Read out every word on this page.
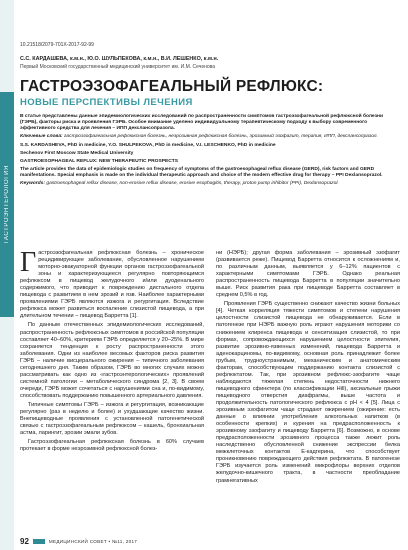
ГАСТРОЭНТЕРОЛОГИЯ
10.21518/2079-701X-2017-92-99
С.С. КАРДАШЕВА, к.м.н., Ю.О. ШУЛЬПЕКОВА, к.м.н., В.И. ЛЕШЕНКО, к.м.н.
Первый Московский государственный медицинский университет им. И.М. Сеченова
ГАСТРОЭЗОФАГЕАЛЬНЫЙ РЕФЛЮКС:
НОВЫЕ ПЕРСПЕКТИВЫ ЛЕЧЕНИЯ

В статье представлены данные эпидемиологических исследований по распространенности симптомов гастроэзофагеальной рефлюксной болезни (ГЭРБ), факторы риска и проявления ГЭРБ. Особое внимание уделено индивидуальному терапевтическому подходу к выбору современного эффективного средства для лечения – ИПП декслансопразола.

Ключевые слова: гастроэзофагеальная рефлюксная болезнь, неэрозивная рефлюксная болезнь, эрозивный эзофагит, терапия, ИПП, декслансопразол.

S.S. KARDASHEVA, PhD in medicine, Y.O. SHULPEKOVA, PhD in medicine, V.I. LESCHENKO, PhD in medicine

Sechenov First Moscow State Medical University

GASTROESOPHAGEAL REFLUX: NEW THERAPEUTIC PROSPECTS

The article provides the data of epidemiologic studies on frequency of symptoms of the gastroesophageal reflux disease (GERD), risk factors and GERD manifestations. Special emphasis is made on the individual therapeutic approach and choice of the modern effective drug for therapy – PPI Dexlansoprazol.

Keywords: gastroesophageal reflux disease, non-erosive reflux disease, erosive esophagitis, therapy, proton pump inhibitor (PPI), Dexlansoprazol.

Гастроэзофагеальная рефлюксная болезнь – хроническое рецидивирующее заболевание, обусловленное нарушением моторно-эвакуаторной функции органов гастроэзофагеальной зоны и характеризующееся регулярно повторяющимся рефлюксом в пищевод желудочного и/или дуоденального содержимого, что приводит к повреждению дистального отдела пищевода с развитием в нем эрозий и язв. Наиболее характерными проявлениями ГЭРБ являются изжога и регургитация. Вследствие рефлюкса может развиться воспаление слизистой пищевода, а при длительном течении – пищевод Барретта [1].

По данным отечественных эпидемиологических исследований, распространенность рефлюксных симптомов в российской популяции составляет 40–60%, критериям ГЭРБ определяется у 20–25%. В мире сохраняется тенденция к росту распространенности этого заболевания. Одни из наиболее весомых факторов риска развития ГЭРБ – наличие висцерального ожирения – типичного заболевания сегодняшнего дня. Таким образом, ГЭРБ во многих случаях можно рассматривать как одно из «гастроэнтерологических» проявлений системной патологии – метаболического синдрома [2, 3]. В своем очереди, ГЭРБ может сочетаться с нарушениями сна и, по-видимому, способствовать поддержанию повышенного артериального давления.

Типичные симптомы ГЭРБ – изжога и регургитация, возникающие регулярно (раз в неделю и более) и ухудшающие качество жизни. Внепищеводные проявления с установленной патогенетической связью с гастроэзофагеальным рефлюксом – кашель, бронхиальная астма, ларингит, эрозии эмали зубов.

Гастроэзофагеальная рефлюксная болезнь в 60% случаев протекает в форме неэрозивной рефлюксной болез-

ни (НЭРБ); другая форма заболевания – эрозивный эзофагит (развивается реже). Пищевод Барретта относится к осложнениям и, по различным данным, выявляется у 6–12% пациентов с характерными симптомами ГЭРБ. Однако реальная распространенность пищевода Барретта в популяции значительно выше. Риск развития рака при пищеводе Барретта составляет в среднем 0,5% в год.

Проявления ГЭРБ существенно снижают качество жизни больных [4]. Четкая корреляция тяжести симптомов и степени нарушения целостности слизистой пищевода не обнаруживается. Если в патогенезе при НЭРБ важную роль играют нарушения моторики со снижением клиренса пищевода и сенситизация слизистой, то при формах, сопровождающихся нарушением целостности эпителия, развитие эрозивно-язвенных изменений, пищевода Барретта и аденокарциномы, по-видимому, основная роль принадлежит более грубым, трудноустранимым, механическим и анатомическим факторам, способствующим поддержанию контакта слизистой с рефлюктатом. Так, при эрозивном рефлюкс-эзофагите чаще наблюдаются тяжелая степень недостаточности нижнего пищеводного сфинктера (по классификации Hill), аксиальные грыжи пищеводного отверстия диафрагмы, выше частота и продолжительность патологического рефлюкса с pH < 4 [5]. Лица с эрозивным эзофагитом чаще страдают ожирением (ожирение: есть данные о влиянии употребления алкогольных напитков (в особенности крепких) и курения на предрасположенность к эрозивному эзофагиту и пищеводу Барретта [6]. Возможно, в основе предрасположенности эрозивного процесса также лежит роль наследственно обусловленной снижение экспрессии белка межклеточных контактов E-кадгерина, что способствует проникновению повреждающего действия рефлюктата. В патогенезе ГЭРБ изучается роль изменений микрофлоры верхних отделов желудочно-кишечного тракта, в частности преобладание грамнегативных

92	МЕДИЦИНСКИЙ СОВЕТ • №11, 2017
